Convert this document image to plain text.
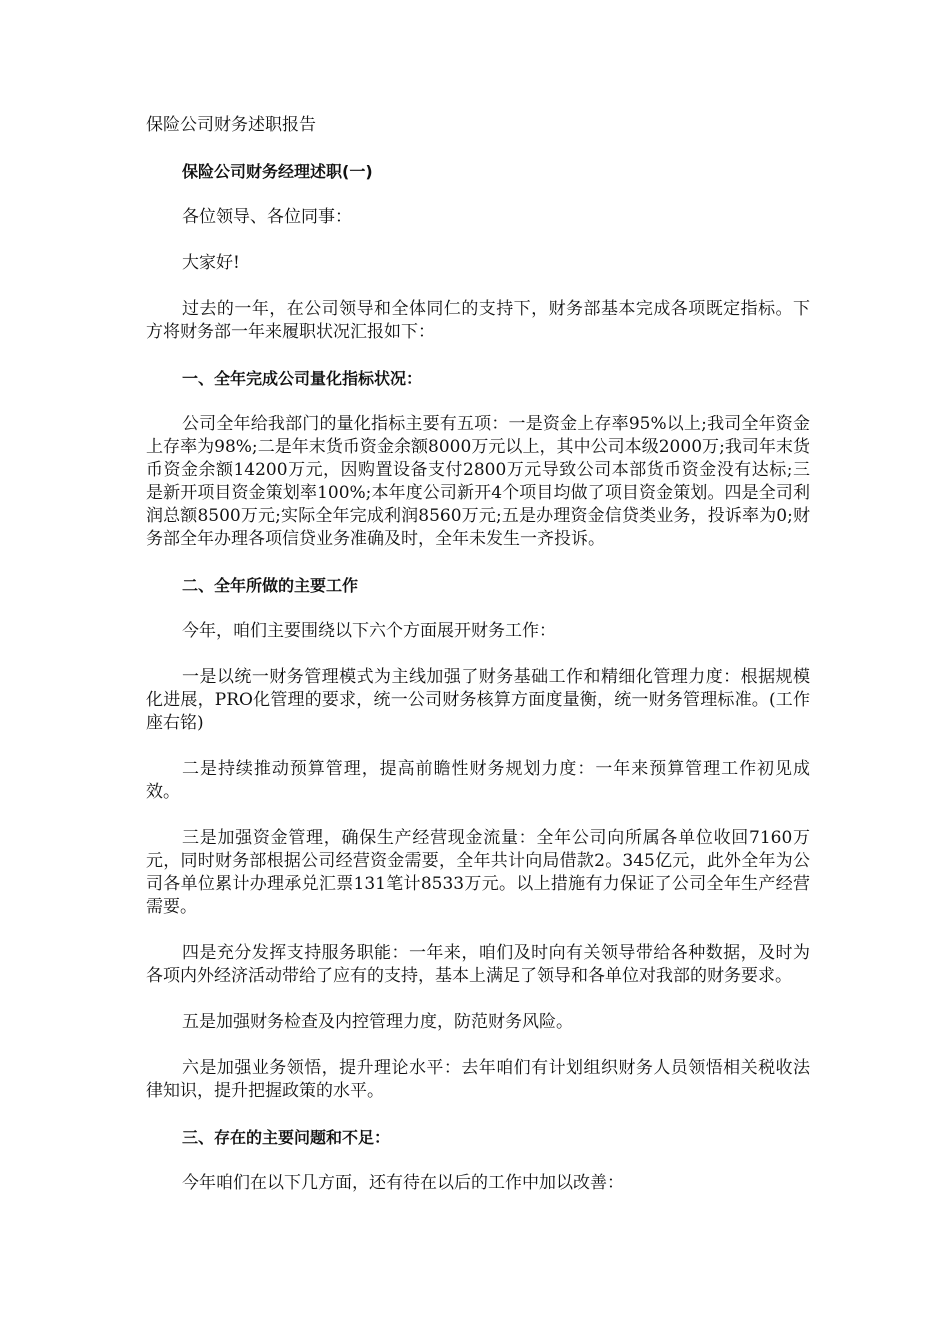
保险公司财务述职报告

保险公司财务经理述职(一)

各位领导、各位同事：

大家好!

过去的一年，在公司领导和全体同仁的支持下，财务部基本完成各项既定指标。下方将财务部一年来履职状况汇报如下：

一、全年完成公司量化指标状况：

公司全年给我部门的量化指标主要有五项：一是资金上存率95%以上;我司全年资金上存率为98%;二是年末货币资金余额8000万元以上，其中公司本级2000万;我司年末货币资金余额14200万元，因购置设备支付2800万元导致公司本部货币资金没有达标;三是新开项目资金策划率100%;本年度公司新开4个项目均做了项目资金策划。四是全司利润总额8500万元;实际全年完成利润8560万元;五是办理资金信贷类业务，投诉率为0;财务部全年办理各项信贷业务准确及时，全年未发生一齐投诉。

二、全年所做的主要工作

今年，咱们主要围绕以下六个方面展开财务工作：

一是以统一财务管理模式为主线加强了财务基础工作和精细化管理力度：根据规模化进展，PRO化管理的要求，统一公司财务核算方面度量衡，统一财务管理标准。(工作座右铭)

二是持续推动预算管理，提高前瞻性财务规划力度：一年来预算管理工作初见成效。

三是加强资金管理，确保生产经营现金流量：全年公司向所属各单位收回7160万元，同时财务部根据公司经营资金需要，全年共计向局借款2。345亿元，此外全年为公司各单位累计办理承兑汇票131笔计8533万元。以上措施有力保证了公司全年生产经营需要。

四是充分发挥支持服务职能：一年来，咱们及时向有关领导带给各种数据，及时为各项内外经济活动带给了应有的支持，基本上满足了领导和各单位对我部的财务要求。

五是加强财务检查及内控管理力度，防范财务风险。

六是加强业务领悟，提升理论水平：去年咱们有计划组织财务人员领悟相关税收法律知识，提升把握政策的水平。

三、存在的主要问题和不足：

今年咱们在以下几方面，还有待在以后的工作中加以改善：
